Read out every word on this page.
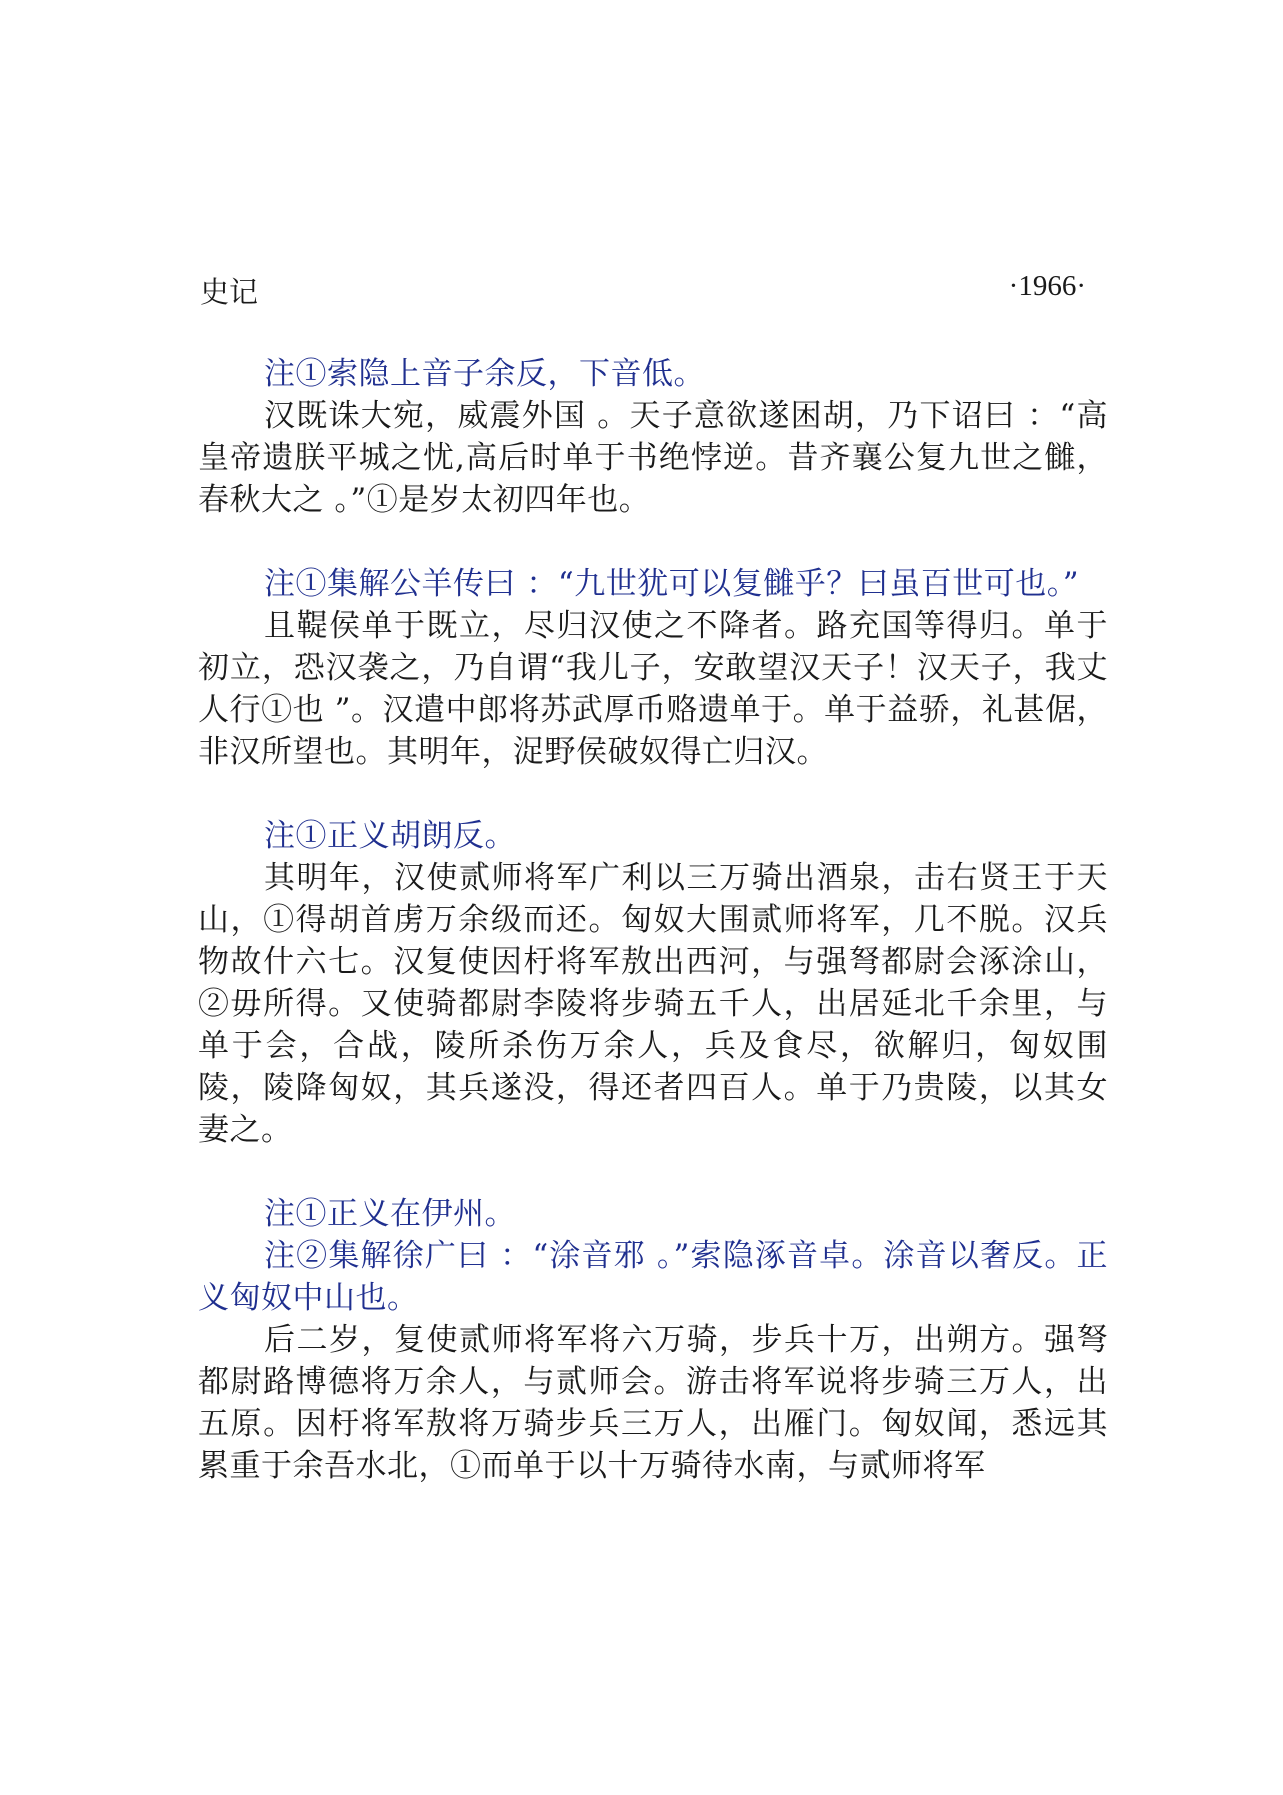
史记	·1966·

注①索隐上音子余反，下音低。

汉既诛大宛，威震外国 。天子意欲遂困胡，乃下诏曰 ：“高皇帝遗朕平城之忧,高后时单于书绝悖逆。昔齐襄公复九世之雠，春秋大之 。”①是岁太初四年也。

注①集解公羊传曰 ：“九世犹可以复雠乎？曰虽百世可也。”

且鞮侯单于既立，尽归汉使之不降者。路充国等得归。单于初立，恐汉袭之，乃自谓“我儿子，安敢望汉天子！汉天子，我丈人行①也 ”。汉遣中郎将苏武厚币赂遗单于。单于益骄，礼甚倨，非汉所望也。其明年，浞野侯破奴得亡归汉。

注①正义胡朗反。

其明年，汉使贰师将军广利以三万骑出酒泉，击右贤王于天山，①得胡首虏万余级而还。匈奴大围贰师将军，几不脱。汉兵物故什六七。汉复使因杅将军敖出西河，与强弩都尉会涿涂山，②毋所得。又使骑都尉李陵将步骑五千人，出居延北千余里，与单于会，合战，陵所杀伤万余人，兵及食尽，欲解归，匈奴围陵，陵降匈奴，其兵遂没，得还者四百人。单于乃贵陵，以其女妻之。

注①正义在伊州。

注②集解徐广曰 ：“涂音邪 。”索隐涿音卓。涂音以奢反。正义匈奴中山也。

后二岁，复使贰师将军将六万骑，步兵十万，出朔方。强弩都尉路博德将万余人，与贰师会。游击将军说将步骑三万人，出五原。因杅将军敖将万骑步兵三万人，出雁门。匈奴闻，悉远其累重于余吾水北，①而单于以十万骑待水南，与贰师将军
